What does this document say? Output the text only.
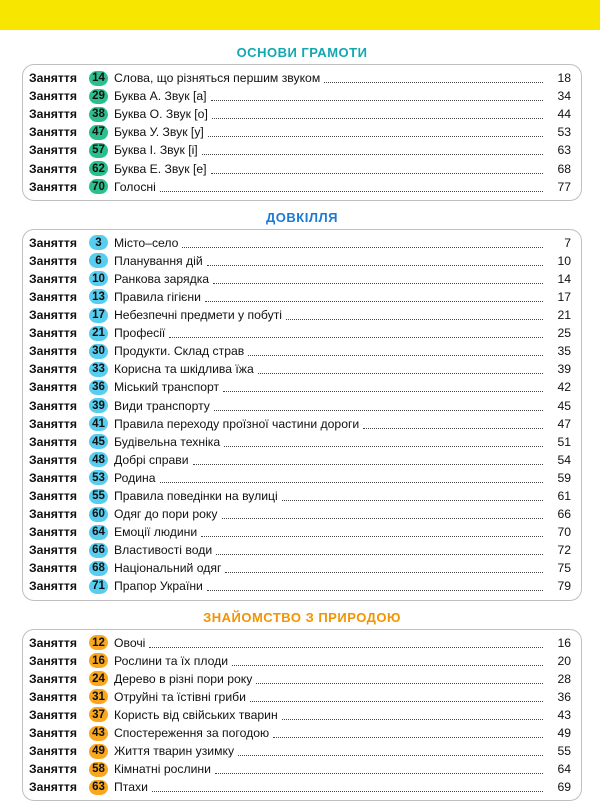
ОСНОВИ ГРАМОТИ
Заняття	14 Слова, що різняться першим звуком	18
Заняття	29 Буква А. Звук [а]	34
Заняття	38 Буква О. Звук [о]	44
Заняття	47 Буква У. Звук [у]	53
Заняття	57 Буква І. Звук [і]	63
Заняття	62 Буква Е. Звук [е]	68
Заняття	70 Голосні	77
ДОВКІЛЛЯ
Заняття	3	Місто–село	7
Заняття	6	Планування дій	10
Заняття	10 Ранкова зарядка	14
Заняття	13 Правила гігієни	17
Заняття	17 Небезпечні предмети у побуті	21
Заняття	21 Професії	25
Заняття	30 Продукти. Склад страв	35
Заняття	33 Корисна та шкідлива їжа	39
Заняття	36 Міський транспорт	42
Заняття	39 Види транспорту	45
Заняття	41 Правила переходу проїзної частини дороги	47
Заняття	45 Будівельна техніка	51
Заняття	48 Добрі справи	54
Заняття	53 Родина	59
Заняття	55 Правила поведінки на вулиці	61
Заняття	60 Одяг до пори року	66
Заняття	64 Емоції людини	70
Заняття	66 Властивості води	72
Заняття	68 Національний одяг	75
Заняття	71 Прапор України	79
ЗНАЙОМСТВО З ПРИРОДОЮ
Заняття	12 Овочі	16
Заняття	16 Рослини та їх плоди	20
Заняття	24 Дерево в різні пори року	28
Заняття	31 Отруйні та їстівні гриби	36
Заняття	37 Користь від свійських тварин	43
Заняття	43 Спостереження за погодою	49
Заняття	49 Життя тварин узимку	55
Заняття	58 Кімнатні рослини	64
Заняття	63 Птахи	69
